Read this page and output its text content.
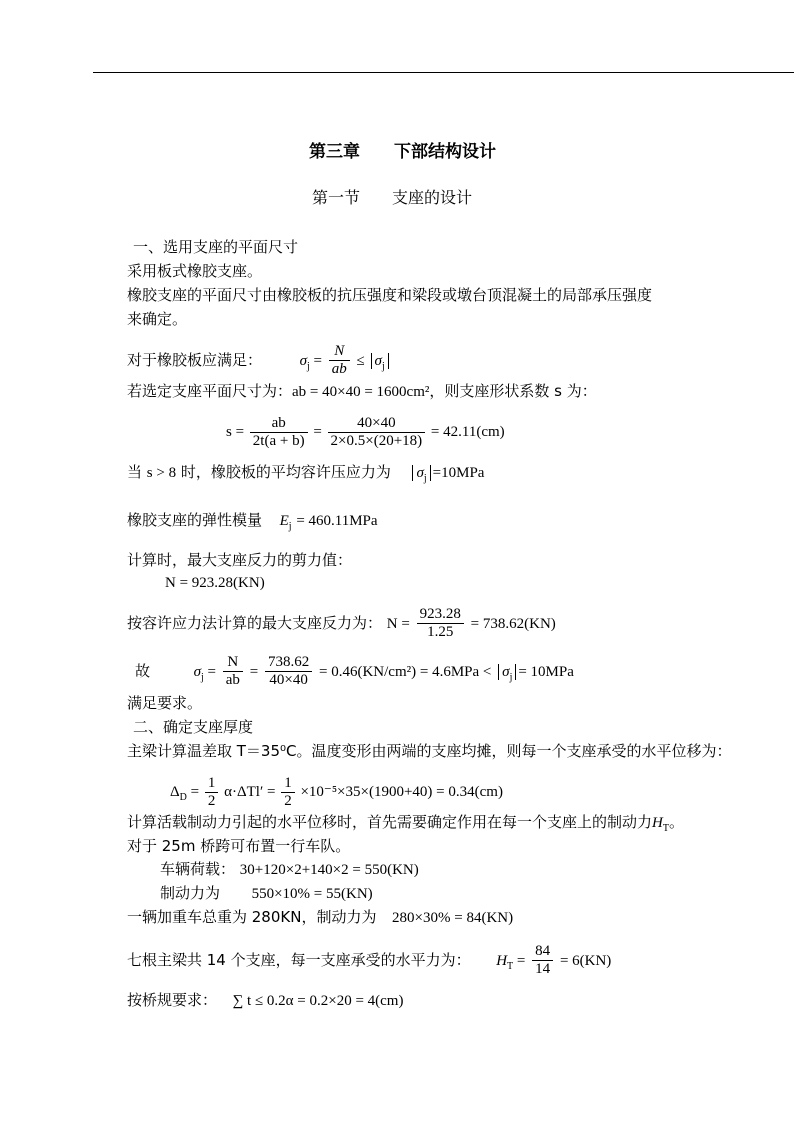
第三章　　下部结构设计
第一节　　支座的设计
一、选用支座的平面尺寸
采用板式橡胶支座。
橡胶支座的平面尺寸由橡胶板的抗压强度和梁段或墩台顶混凝土的局部承压强度
来确定。
对于橡胶板应满足：	$\sigma_j = \frac{N}{ab} \le \sigma_j$
若选定支座平面尺寸为：ab = 40×40 = 1600cm²，则支座形状系数 s 为：
$s = \frac{ab}{2t(a + b)} = \frac{40\times 40}{2\times 0.5\times(20+18)} = 42.11(cm)$
当 s > 8 时，橡胶板的平均容许压应力为 $\sigma_j =10MPa$
橡胶支座的弹性模量 $E_j = 460.11MPa$
计算时，最大支座反力的剪力值：
N = 923.28(KN)
按容许应力法计算的最大支座反力为： $N = \frac{923.28}{1.25} = 738.62(KN)$
故	$\sigma_j = \frac{N}{ab} = \frac{738.62}{40\times 40} = 0.46(KN/cm^2) = 4.6MPa < \sigma_j = 10MPa$
满足要求。
二、确定支座厚度
主梁计算温差取 T＝35⁰C。温度变形由两端的支座均摊，则每一个支座承受的水平位移为：
$\Delta_D = \frac{1}{2} \alpha\cdot\Delta Tl' = \frac{1}{2} \times 10^{-5}\times 35\times(1900+40) = 0.34(cm)$
计算活载制动力引起的水平位移时，首先需要确定作用在每一个支座上的制动力$H_T$。
对于 25m 桥跨可布置一行车队。
车辆荷载： 30+120×2+140×2 = 550(KN)
制动力为 550×10% = 55(KN)
一辆加重车总重为 280KN，制动力为 280×30% = 84(KN)
七根主梁共 14 个支座，每一支座承受的水平力为： $H_T = \frac{84}{14} = 6(KN)$
按桥规要求： ∑ t ≤ 0.2α = 0.2×20 = 4(cm)
